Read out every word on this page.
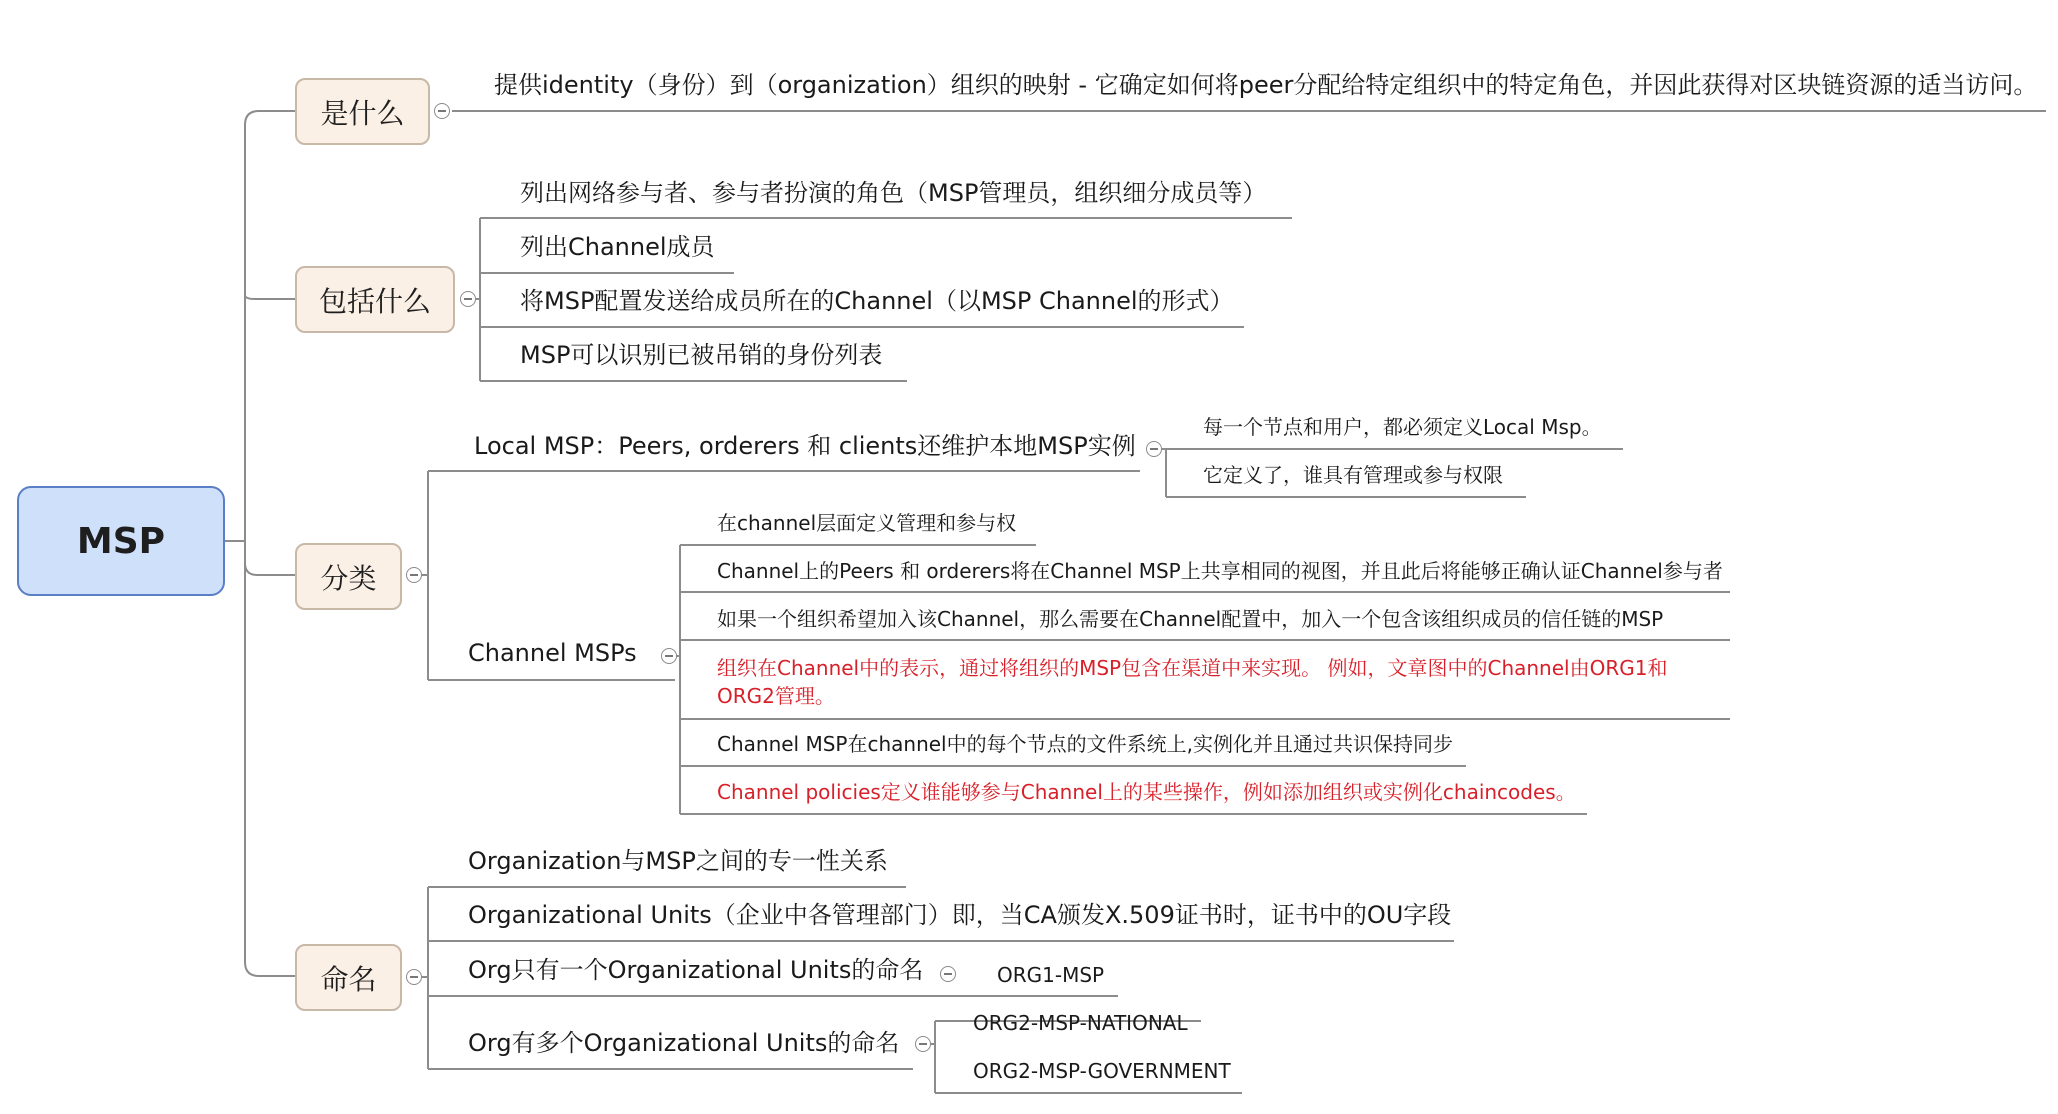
MSP
是什么
包括什么
分类
命名
提供identity（身份）到（organization）组织的映射 - 它确定如何将peer分配给特定组织中的特定角色，并因此获得对区块链资源的适当访问。
列出网络参与者、参与者扮演的角色（MSP管理员，组织细分成员等）
列出Channel成员
将MSP配置发送给成员所在的Channel（以MSP Channel的形式）
MSP可以识别已被吊销的身份列表
Local MSP：Peers, orderers 和 clients还维护本地MSP实例
每一个节点和用户，都必须定义Local Msp。
它定义了，谁具有管理或参与权限
Channel MSPs
在channel层面定义管理和参与权
Channel上的Peers 和 orderers将在Channel MSP上共享相同的视图，并且此后将能够正确认证Channel参与者
如果一个组织希望加入该Channel，那么需要在Channel配置中，加入一个包含该组织成员的信任链的MSP
组织在Channel中的表示，通过将组织的MSP包含在渠道中来实现。 例如，文章图中的Channel由ORG1和ORG2管理。
Channel MSP在channel中的每个节点的文件系统上,实例化并且通过共识保持同步
Channel policies定义谁能够参与Channel上的某些操作，例如添加组织或实例化chaincodes。
Organization与MSP之间的专一性关系
Organizational Units（企业中各管理部门）即，当CA颁发X.509证书时，证书中的OU字段
Org只有一个Organizational Units的命名
Org有多个Organizational Units的命名
ORG1-MSP
ORG2-MSP-NATIONAL
ORG2-MSP-GOVERNMENT
